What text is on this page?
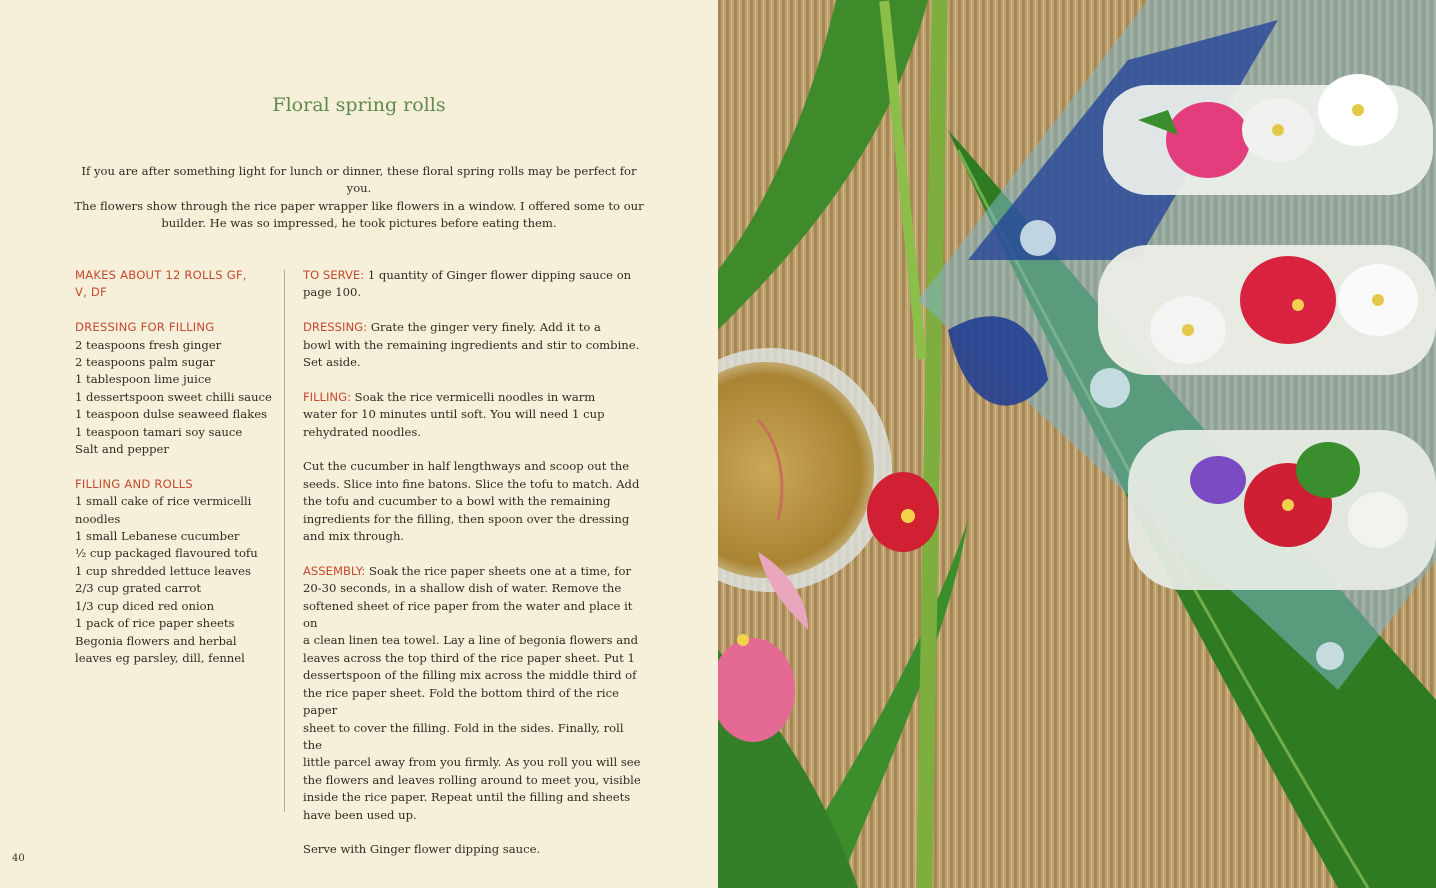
Floral spring rolls

If you are after something light for lunch or dinner, these floral spring rolls may be perfect for you.

The flowers show through the rice paper wrapper like flowers in a window. I offered some to our

builder. He was so impressed, he took pictures before eating them.

MAKES ABOUT 12 ROLLS GF,
V, DF
DRESSING FOR FILLING
2 teaspoons fresh ginger
2 teaspoons palm sugar
1 tablespoon lime juice
1 dessertspoon sweet chilli sauce
1 teaspoon dulse seaweed flakes
1 teaspoon tamari soy sauce
Salt and pepper
FILLING AND ROLLS
1 small cake of rice vermicelli
noodles
1 small Lebanese cucumber
½ cup packaged flavoured tofu
1 cup shredded lettuce leaves
2/3 cup grated carrot
1/3 cup diced red onion
1 pack of rice paper sheets
Begonia flowers and herbal
leaves eg parsley, dill, fennel
TO SERVE: 1 quantity of Ginger flower dipping sauce on
page 100.
DRESSING: Grate the ginger very finely. Add it to a
bowl with the remaining ingredients and stir to combine.
Set aside.
FILLING: Soak the rice vermicelli noodles in warm
water for 10 minutes until soft. You will need 1 cup
rehydrated noodles.
Cut the cucumber in half lengthways and scoop out the
seeds. Slice into fine batons. Slice the tofu to match. Add
the tofu and cucumber to a bowl with the remaining
ingredients for the filling, then spoon over the dressing
and mix through.
ASSEMBLY: Soak the rice paper sheets one at a time, for
20-30 seconds, in a shallow dish of water. Remove the
softened sheet of rice paper from the water and place it on
a clean linen tea towel. Lay a line of begonia flowers and
leaves across the top third of the rice paper sheet. Put 1
dessertspoon of the filling mix across the middle third of
the rice paper sheet. Fold the bottom third of the rice paper
sheet to cover the filling. Fold in the sides. Finally, roll the
little parcel away from you firmly. As you roll you will see
the flowers and leaves rolling around to meet you, visible
inside the rice paper. Repeat until the filling and sheets
have been used up.
Serve with Ginger flower dipping sauce.
40
